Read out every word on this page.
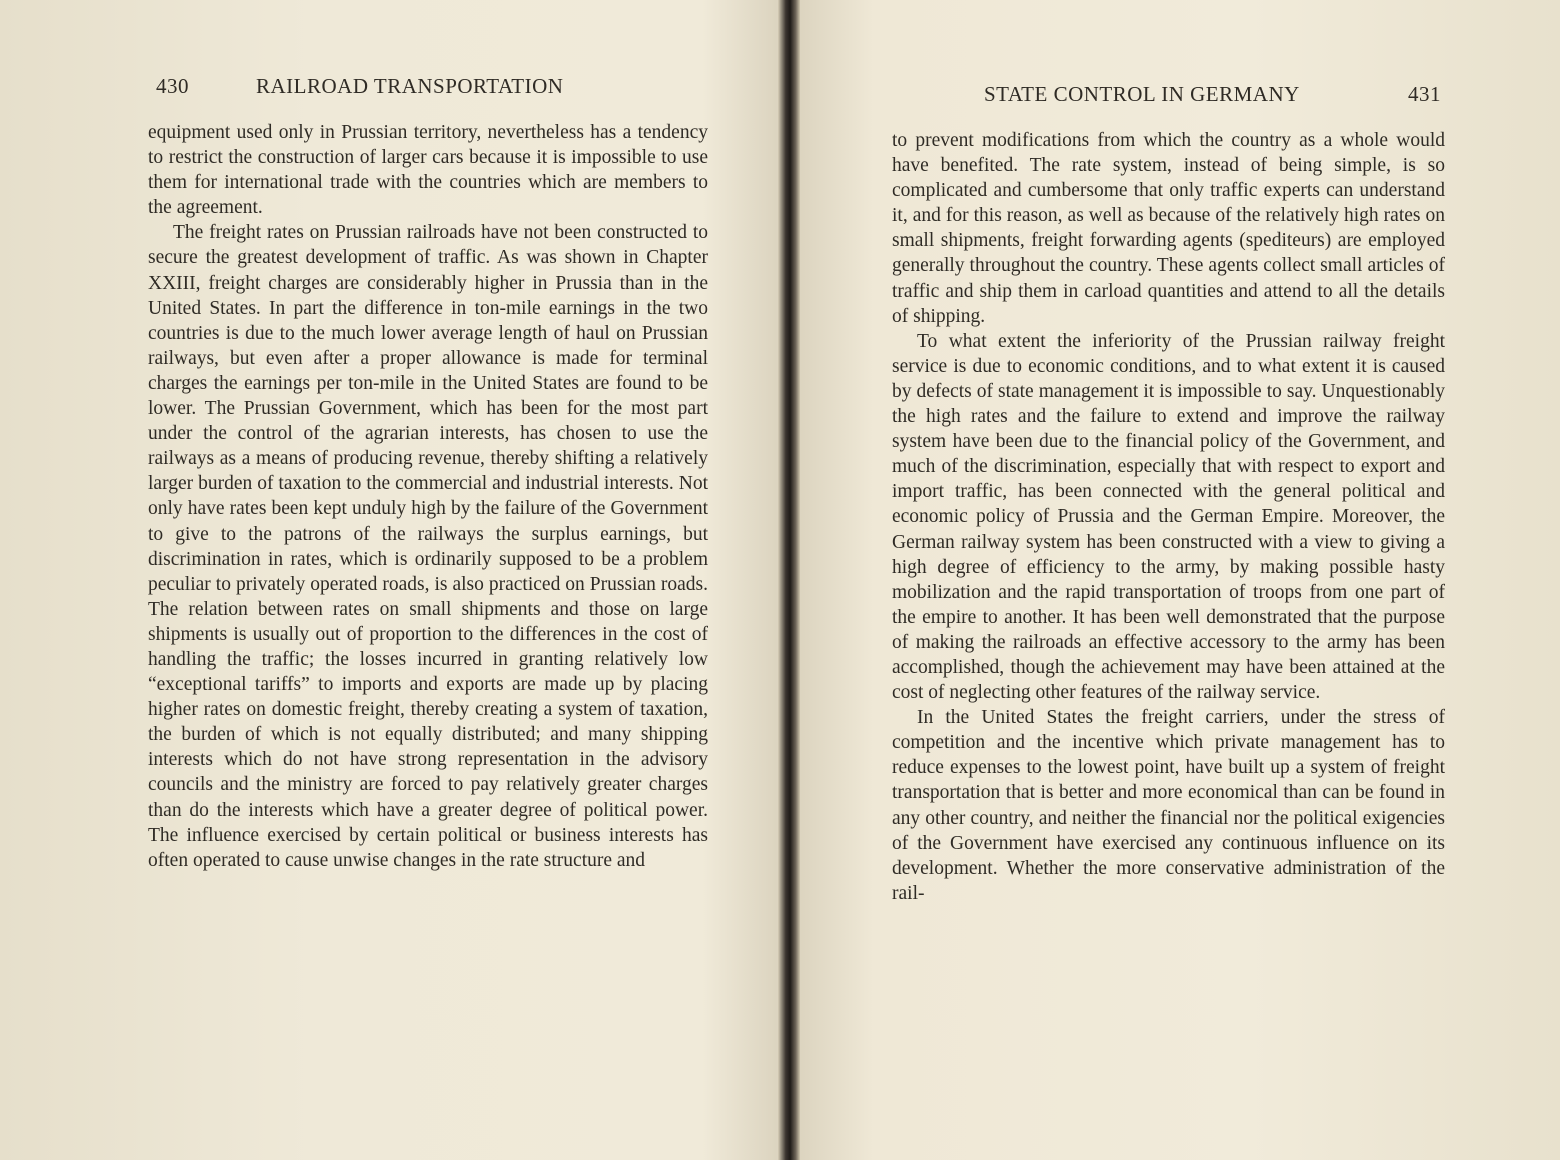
430	RAILROAD TRANSPORTATION

equipment used only in Prussian territory, nevertheless has a tendency to restrict the construction of larger cars because it is impossible to use them for international trade with the countries which are members to the agreement.

The freight rates on Prussian railroads have not been constructed to secure the greatest development of traffic. As was shown in Chapter XXIII, freight charges are considerably higher in Prussia than in the United States. In part the difference in ton-mile earnings in the two countries is due to the much lower average length of haul on Prussian railways, but even after a proper allowance is made for terminal charges the earnings per ton-mile in the United States are found to be lower. The Prussian Government, which has been for the most part under the control of the agrarian interests, has chosen to use the railways as a means of producing revenue, thereby shifting a relatively larger burden of taxation to the commercial and industrial interests. Not only have rates been kept unduly high by the failure of the Government to give to the patrons of the railways the surplus earnings, but discrimination in rates, which is ordinarily supposed to be a problem peculiar to privately operated roads, is also practiced on Prussian roads. The relation between rates on small shipments and those on large shipments is usually out of proportion to the differences in the cost of handling the traffic; the losses incurred in granting relatively low “exceptional tariffs” to imports and exports are made up by placing higher rates on domestic freight, thereby creating a system of taxation, the burden of which is not equally distributed; and many shipping interests which do not have strong representation in the advisory councils and the ministry are forced to pay relatively greater charges than do the interests which have a greater degree of political power. The influence exercised by certain political or business interests has often operated to cause unwise changes in the rate structure and

STATE CONTROL IN GERMANY	431

to prevent modifications from which the country as a whole would have benefited. The rate system, instead of being simple, is so complicated and cumbersome that only traffic experts can understand it, and for this reason, as well as because of the relatively high rates on small shipments, freight forwarding agents (spediteurs) are employed generally throughout the country. These agents collect small articles of traffic and ship them in carload quantities and attend to all the details of shipping.

To what extent the inferiority of the Prussian railway freight service is due to economic conditions, and to what extent it is caused by defects of state management it is impossible to say. Unquestionably the high rates and the failure to extend and improve the railway system have been due to the financial policy of the Government, and much of the discrimination, especially that with respect to export and import traffic, has been connected with the general political and economic policy of Prussia and the German Empire. Moreover, the German railway system has been constructed with a view to giving a high degree of efficiency to the army, by making possible hasty mobilization and the rapid transportation of troops from one part of the empire to another. It has been well demonstrated that the purpose of making the railroads an effective accessory to the army has been accomplished, though the achievement may have been attained at the cost of neglecting other features of the railway service.

In the United States the freight carriers, under the stress of competition and the incentive which private management has to reduce expenses to the lowest point, have built up a system of freight transportation that is better and more economical than can be found in any other country, and neither the financial nor the political exigencies of the Government have exercised any continuous influence on its development. Whether the more conservative administration of the rail-
